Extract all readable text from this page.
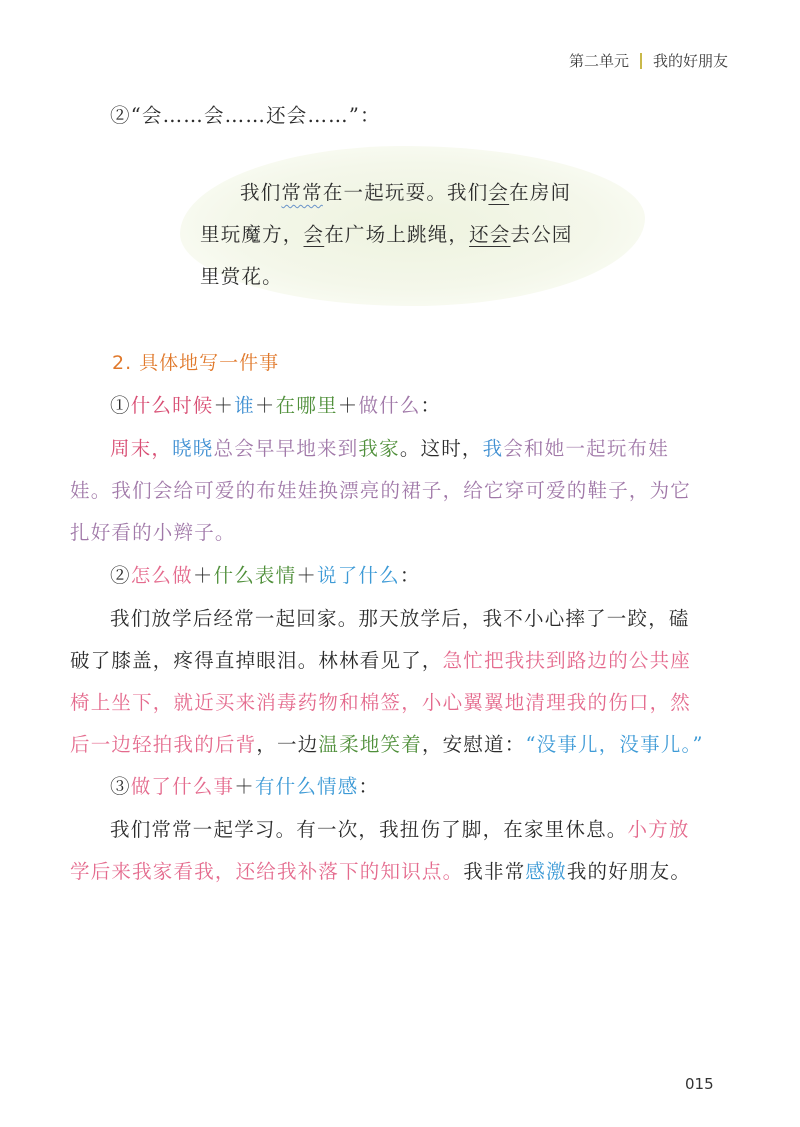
第二单元 我的好朋友
②“会……会……还会……”：
我们常常在一起玩耍。我们会在房间
里玩魔方，会在广场上跳绳，还会去公园
里赏花。
2. 具体地写一件事
①什么时候＋谁＋在哪里＋做什么：
周末，晓晓总会早早地来到我家。这时，我会和她一起玩布娃
娃。我们会给可爱的布娃娃换漂亮的裙子，给它穿可爱的鞋子，为它
扎好看的小辫子。
②怎么做＋什么表情＋说了什么：
我们放学后经常一起回家。那天放学后，我不小心摔了一跤，磕
破了膝盖，疼得直掉眼泪。林林看见了，急忙把我扶到路边的公共座
椅上坐下，就近买来消毒药物和棉签，小心翼翼地清理我的伤口，然
后一边轻拍我的后背，一边温柔地笑着，安慰道：“没事儿，没事儿。”
③做了什么事＋有什么情感：
我们常常一起学习。有一次，我扭伤了脚，在家里休息。小方放
学后来我家看我，还给我补落下的知识点。我非常感激我的好朋友。
015
